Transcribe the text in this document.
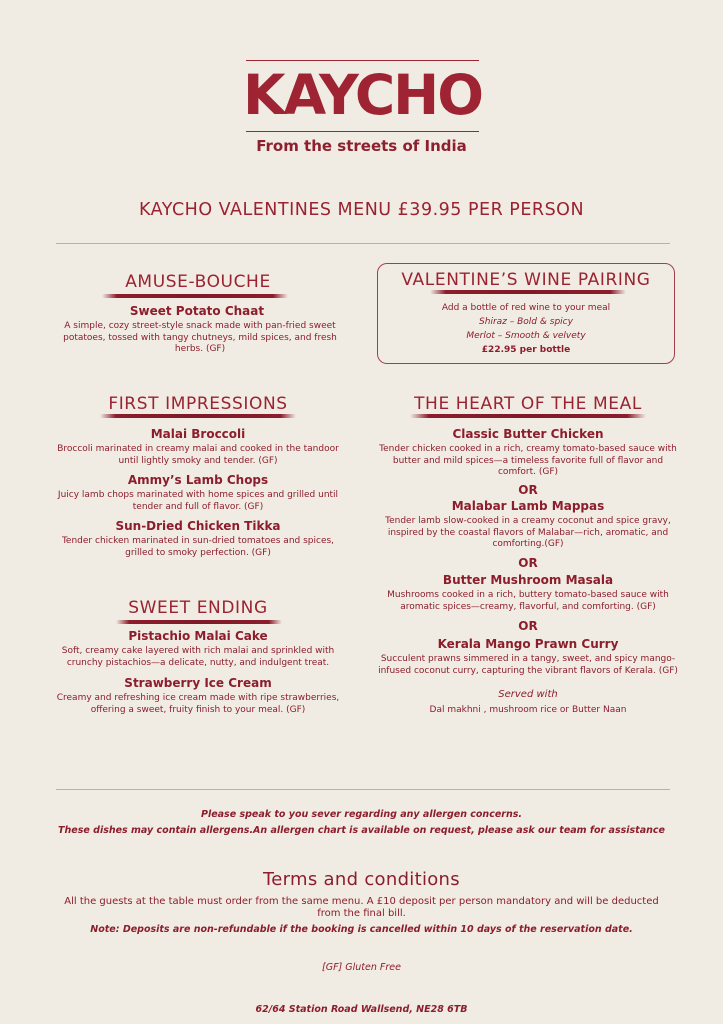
KAYCHO
From the streets of India
KAYCHO VALENTINES MENU £39.95 PER PERSON
AMUSE-BOUCHE
Sweet Potato Chaat
A simple, cozy street-style snack made with pan-fried sweet potatoes, tossed with tangy chutneys, mild spices, and fresh herbs. (GF)
VALENTINE’S WINE PAIRING
Add a bottle of red wine to your meal
Shiraz – Bold & spicy
Merlot – Smooth & velvety
£22.95 per bottle
FIRST IMPRESSIONS
Malai Broccoli
Broccoli marinated in creamy malai and cooked in the tandoor until lightly smoky and tender. (GF)
Ammy’s Lamb Chops
Juicy lamb chops marinated with home spices and grilled until tender and full of flavor. (GF)
Sun-Dried Chicken Tikka
Tender chicken marinated in sun-dried tomatoes and spices, grilled to smoky perfection. (GF)
SWEET ENDING
Pistachio Malai Cake
Soft, creamy cake layered with rich malai and sprinkled with crunchy pistachios—a delicate, nutty, and indulgent treat.
Strawberry Ice Cream
Creamy and refreshing ice cream made with ripe strawberries, offering a sweet, fruity finish to your meal. (GF)
THE HEART OF THE MEAL
Classic Butter Chicken
Tender chicken cooked in a rich, creamy tomato-based sauce with butter and mild spices—a timeless favorite full of flavor and comfort. (GF)
OR
Malabar Lamb Mappas
Tender lamb slow-cooked in a creamy coconut and spice gravy, inspired by the coastal flavors of Malabar—rich, aromatic, and comforting.(GF)
OR
Butter Mushroom Masala
Mushrooms cooked in a rich, buttery tomato-based sauce with aromatic spices—creamy, flavorful, and comforting. (GF)
OR
Kerala Mango Prawn Curry
Succulent prawns simmered in a tangy, sweet, and spicy mango-infused coconut curry, capturing the vibrant flavors of Kerala. (GF)
Served with
Dal makhni , mushroom rice or Butter Naan
Please speak to you sever regarding any allergen concerns.
These dishes may contain allergens.An allergen chart is available on request, please ask our team for assistance
Terms and conditions
All the guests at the table must order from the same menu. A £10 deposit per person mandatory and will be deducted from the final bill.
Note: Deposits are non-refundable if the booking is cancelled within 10 days of the reservation date.
[GF] Gluten Free
62/64 Station Road Wallsend, NE28 6TB
